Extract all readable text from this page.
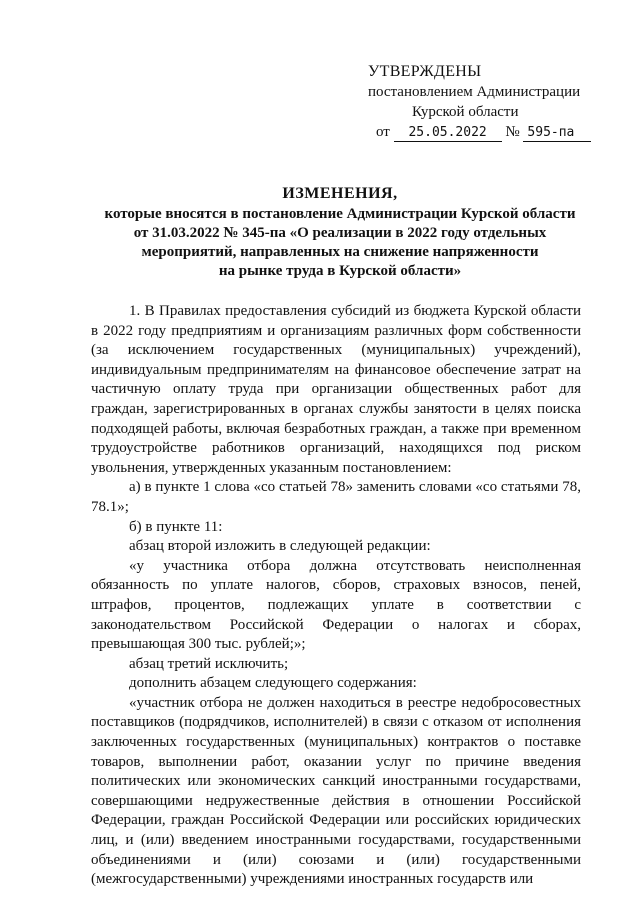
УТВЕРЖДЕНЫ
постановлением Администрации
Курской области
от 25.05.2022 № 595-па
ИЗМЕНЕНИЯ,
которые вносятся в постановление Администрации Курской области
от 31.03.2022 № 345-па «О реализации в 2022 году отдельных
мероприятий, направленных на снижение напряженности
на рынке труда в Курской области»

1. В Правилах предоставления субсидий из бюджета Курской области в 2022 году предприятиям и организациям различных форм собственности (за исключением государственных (муниципальных) учреждений), индивидуальным предпринимателям на финансовое обеспечение затрат на частичную оплату труда при организации общественных работ для граждан, зарегистрированных в органах службы занятости в целях поиска подходящей работы, включая безработных граждан, а также при временном трудоустройстве работников организаций, находящихся под риском увольнения, утвержденных указанным постановлением:

а) в пункте 1 слова «со статьей 78» заменить словами «со статьями 78, 78.1»;

б) в пункте 11:

абзац второй изложить в следующей редакции:

«у участника отбора должна отсутствовать неисполненная обязанность по уплате налогов, сборов, страховых взносов, пеней, штрафов, процентов, подлежащих уплате в соответствии с законодательством Российской Федерации о налогах и сборах, превышающая 300 тыс. рублей;»;

абзац третий исключить;

дополнить абзацем следующего содержания:

«участник отбора не должен находиться в реестре недобросовестных поставщиков (подрядчиков, исполнителей) в связи с отказом от исполнения заключенных государственных (муниципальных) контрактов о поставке товаров, выполнении работ, оказании услуг по причине введения политических или экономических санкций иностранными государствами, совершающими недружественные действия в отношении Российской Федерации, граждан Российской Федерации или российских юридических лиц, и (или) введением иностранными государствами, государственными объединениями и (или) союзами и (или) государственными (межгосударственными) учреждениями иностранных государств или
